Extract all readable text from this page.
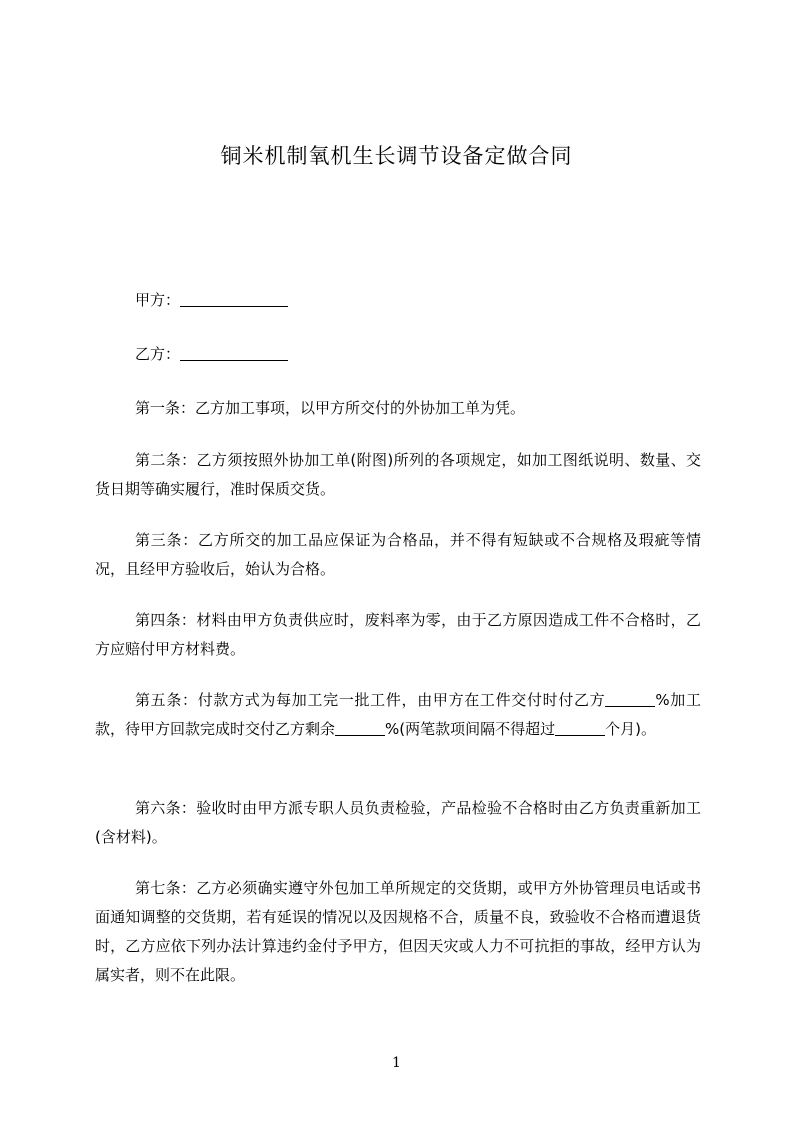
铜米机制氧机生长调节设备定做合同

甲方：

乙方：

第一条：乙方加工事项，以甲方所交付的外协加工单为凭。

第二条：乙方须按照外协加工单(附图)所列的各项规定，如加工图纸说明、数量、交货日期等确实履行，准时保质交货。

第三条：乙方所交的加工品应保证为合格品，并不得有短缺或不合规格及瑕疵等情况，且经甲方验收后，始认为合格。

第四条：材料由甲方负责供应时，废料率为零，由于乙方原因造成工件不合格时，乙方应赔付甲方材料费。

第五条：付款方式为每加工完一批工件，由甲方在工件交付时付乙方	%加工款，待甲方回款完成时交付乙方剩余	%(两笔款项间隔不得超过	个月)。

第六条：验收时由甲方派专职人员负责检验，产品检验不合格时由乙方负责重新加工(含材料)。

第七条：乙方必须确实遵守外包加工单所规定的交货期，或甲方外协管理员电话或书面通知调整的交货期，若有延误的情况以及因规格不合，质量不良，致验收不合格而遭退货时，乙方应依下列办法计算违约金付予甲方，但因天灾或人力不可抗拒的事故，经甲方认为属实者，则不在此限。

1
